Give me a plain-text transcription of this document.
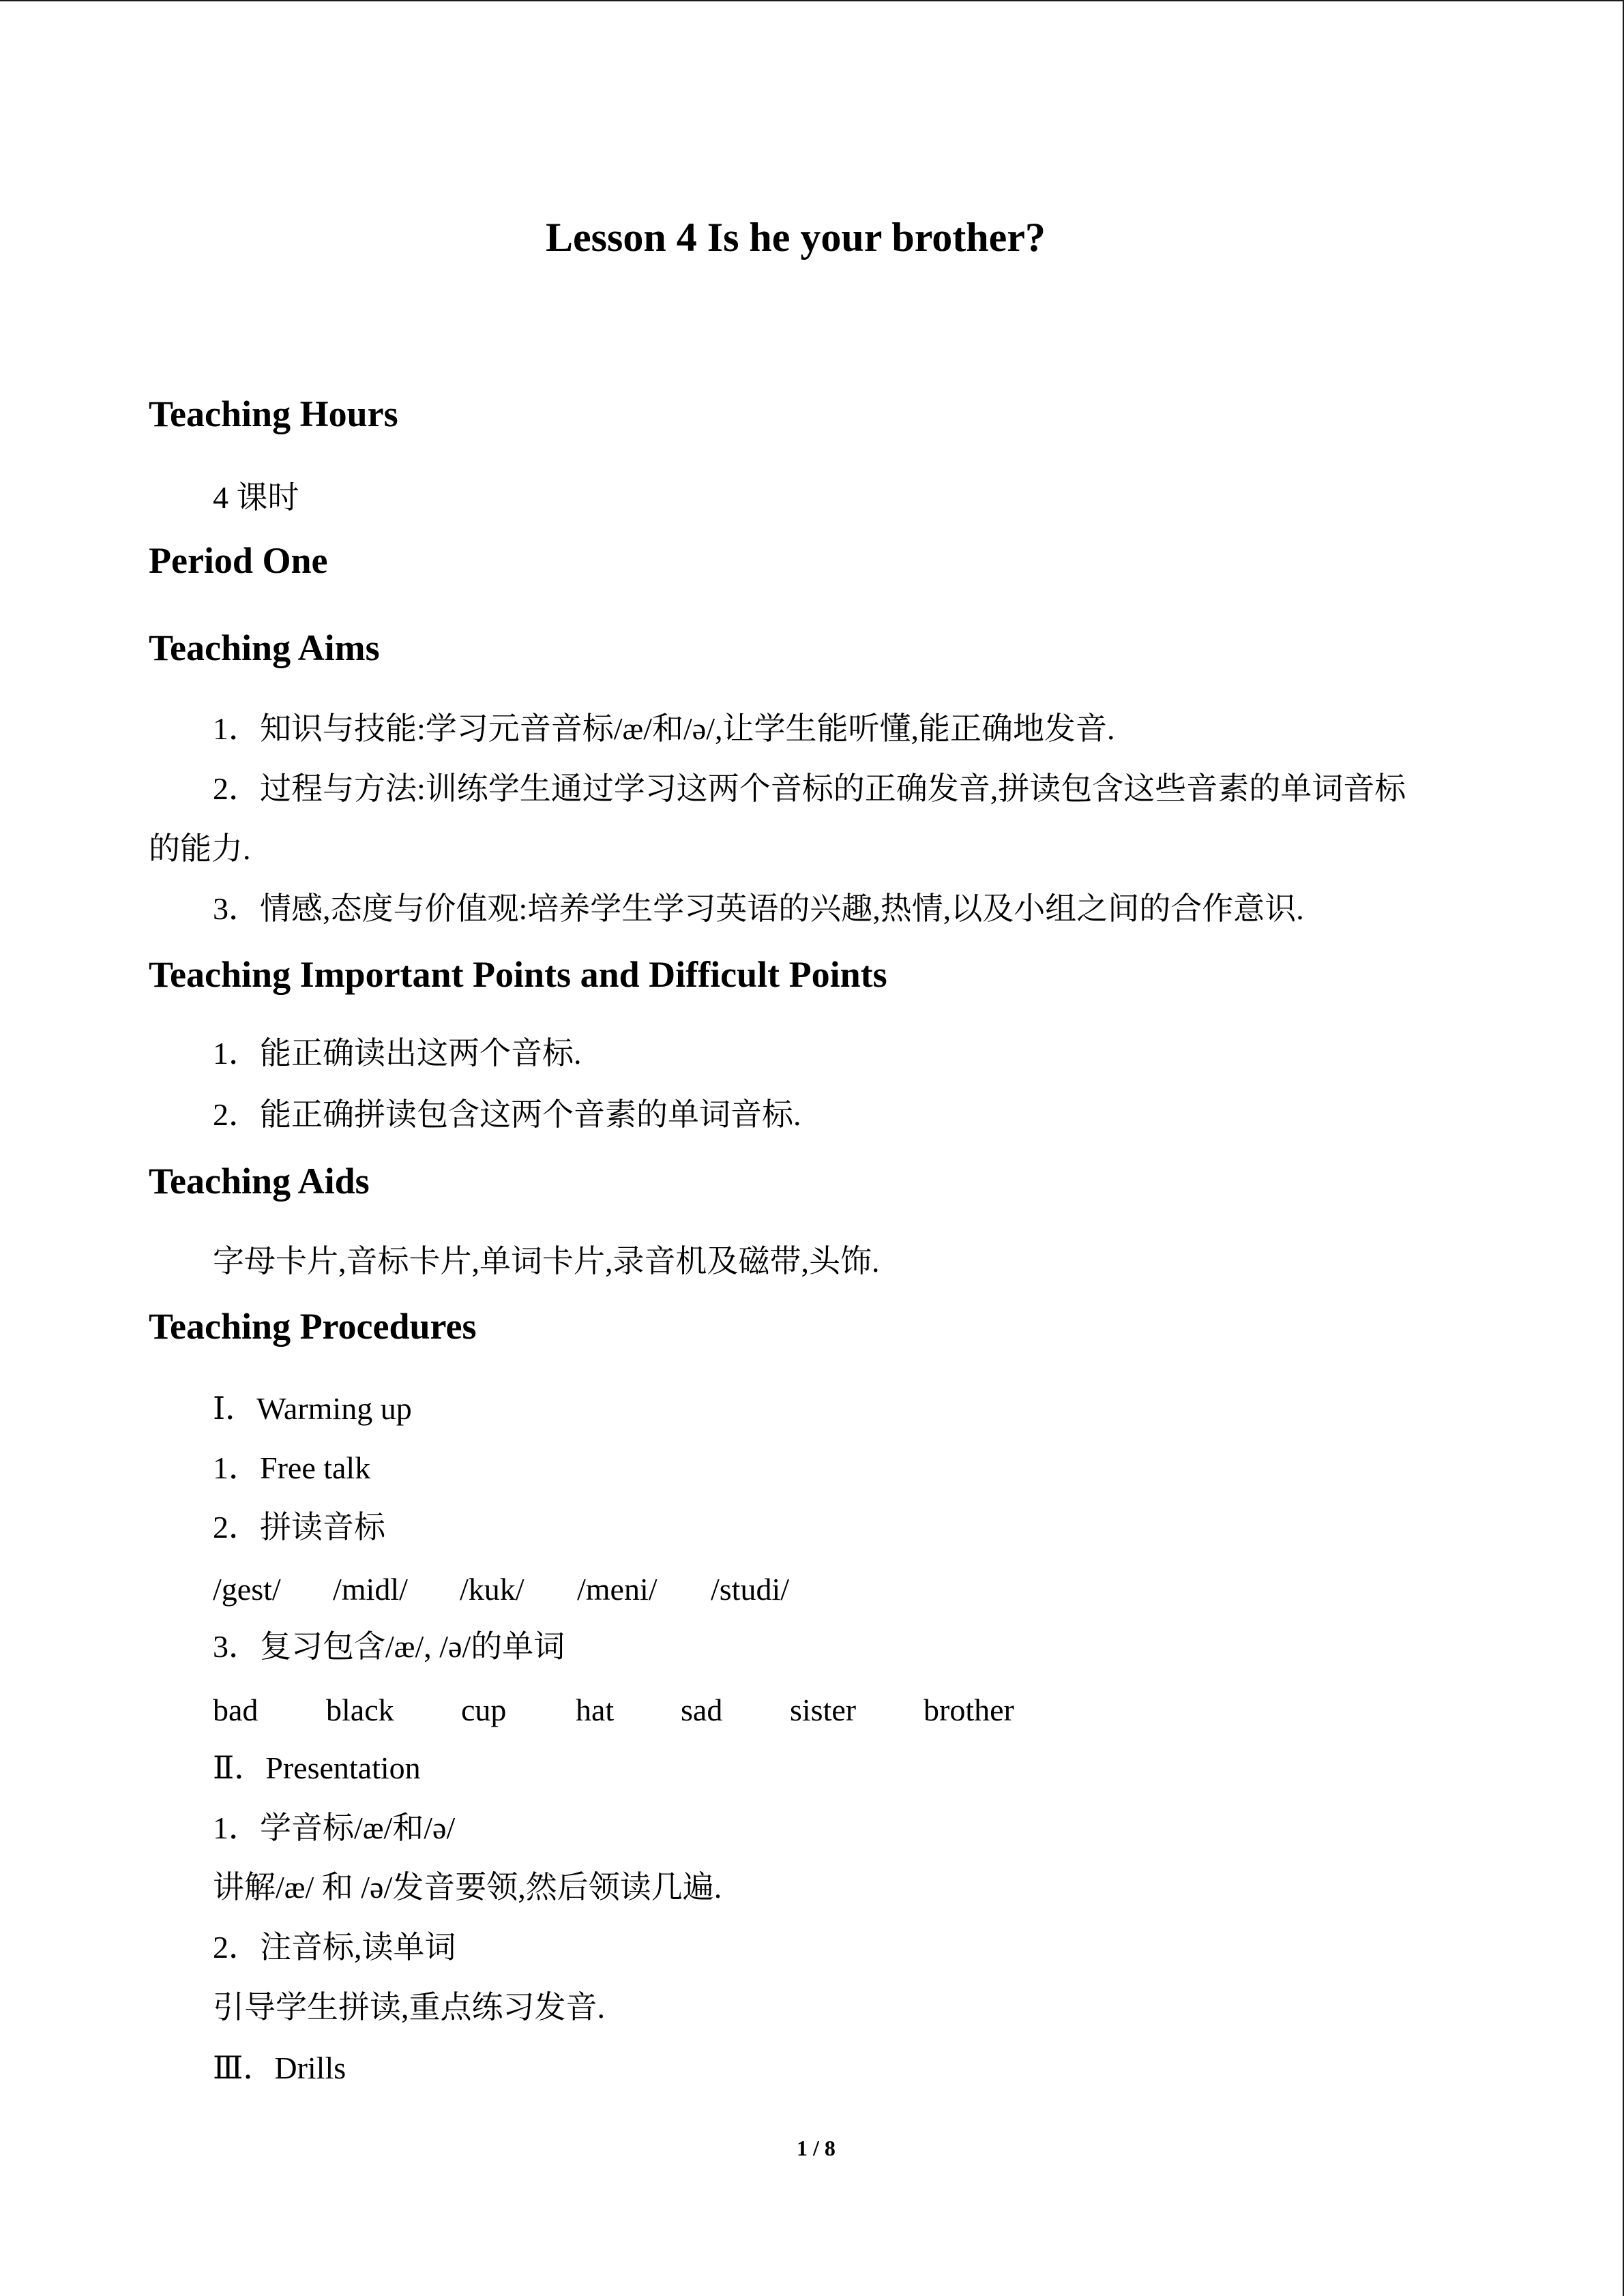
Lesson 4 Is he your brother?
Teaching Hours
4 课时
Period One
Teaching Aims
1．知识与技能:学习元音音标/æ/和/ə/,让学生能听懂,能正确地发音.
2．过程与方法:训练学生通过学习这两个音标的正确发音,拼读包含这些音素的单词音标
的能力.
3．情感,态度与价值观:培养学生学习英语的兴趣,热情,以及小组之间的合作意识.
Teaching Important Points and Difficult Points
1．能正确读出这两个音标.
2．能正确拼读包含这两个音素的单词音标.
Teaching Aids
字母卡片,音标卡片,单词卡片,录音机及磁带,头饰.
Teaching Procedures
Ⅰ．Warming up
1．Free talk
2．拼读音标
/gest/ /midl/ /kuk/ /meni/ /studi/
3．复习包含/æ/, /ə/的单词
bad black cup hat sad sister brother
Ⅱ．Presentation
1．学音标/æ/和/ə/
讲解/æ/ 和 /ə/发音要领,然后领读几遍.
2．注音标,读单词
引导学生拼读,重点练习发音.
Ⅲ．Drills
1 / 8
